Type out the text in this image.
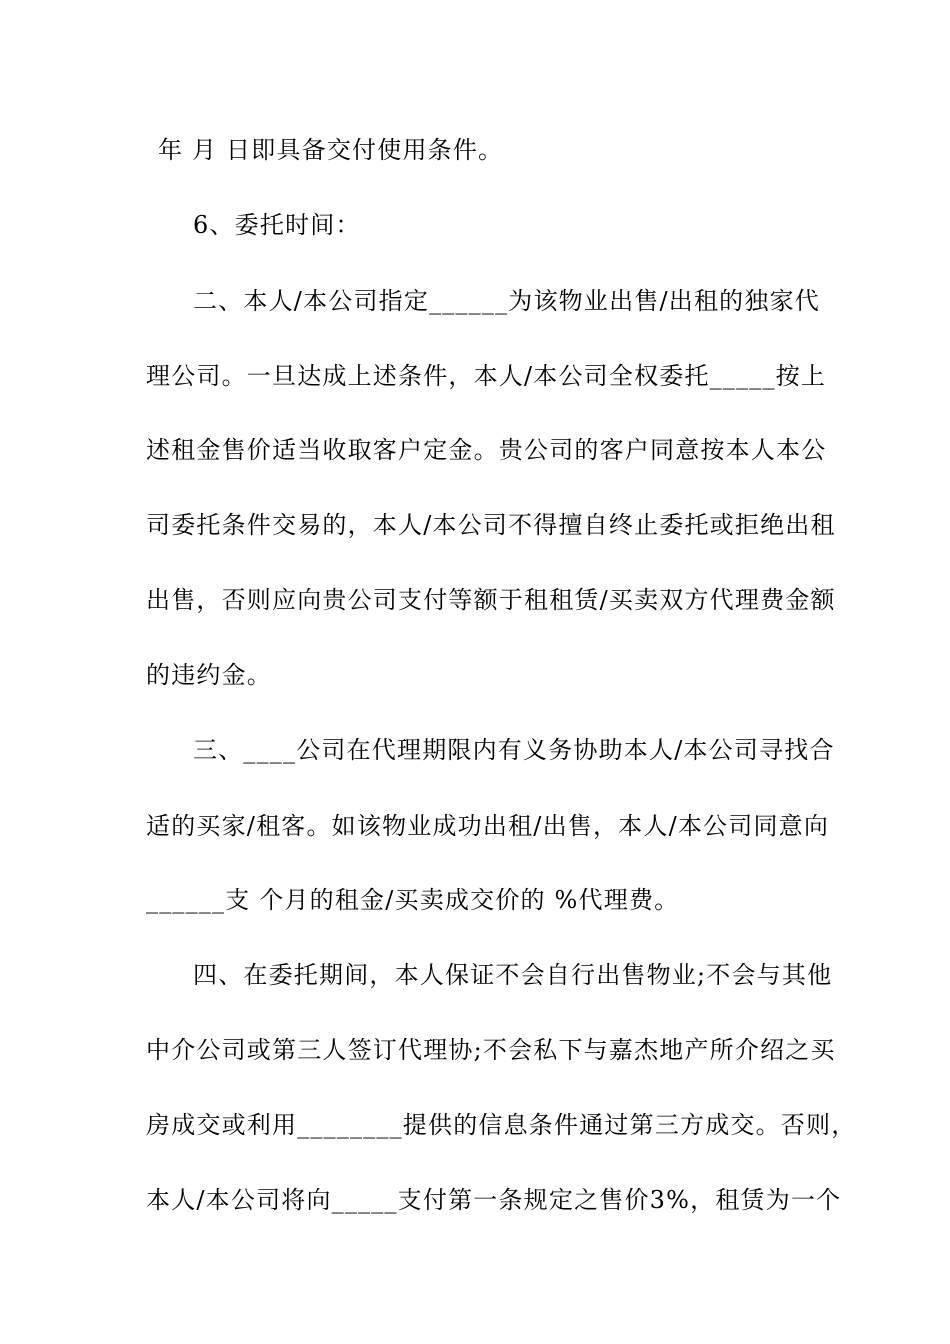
年 月 日即具备交付使用条件。
6、委托时间：
二、本人/本公司指定______为该物业出售/出租的独家代
理公司。一旦达成上述条件，本人/本公司全权委托_____按上
述租金售价适当收取客户定金。贵公司的客户同意按本人本公
司委托条件交易的，本人/本公司不得擅自终止委托或拒绝出租
出售，否则应向贵公司支付等额于租租赁/买卖双方代理费金额
的违约金。
三、____公司在代理期限内有义务协助本人/本公司寻找合
适的买家/租客。如该物业成功出租/出售，本人/本公司同意向
______支 个月的租金/买卖成交价的 %代理费。
四、在委托期间，本人保证不会自行出售物业;不会与其他
中介公司或第三人签订代理协;不会私下与嘉杰地产所介绍之买
房成交或利用________提供的信息条件通过第三方成交。否则，
本人/本公司将向_____支付第一条规定之售价3%，租赁为一个
